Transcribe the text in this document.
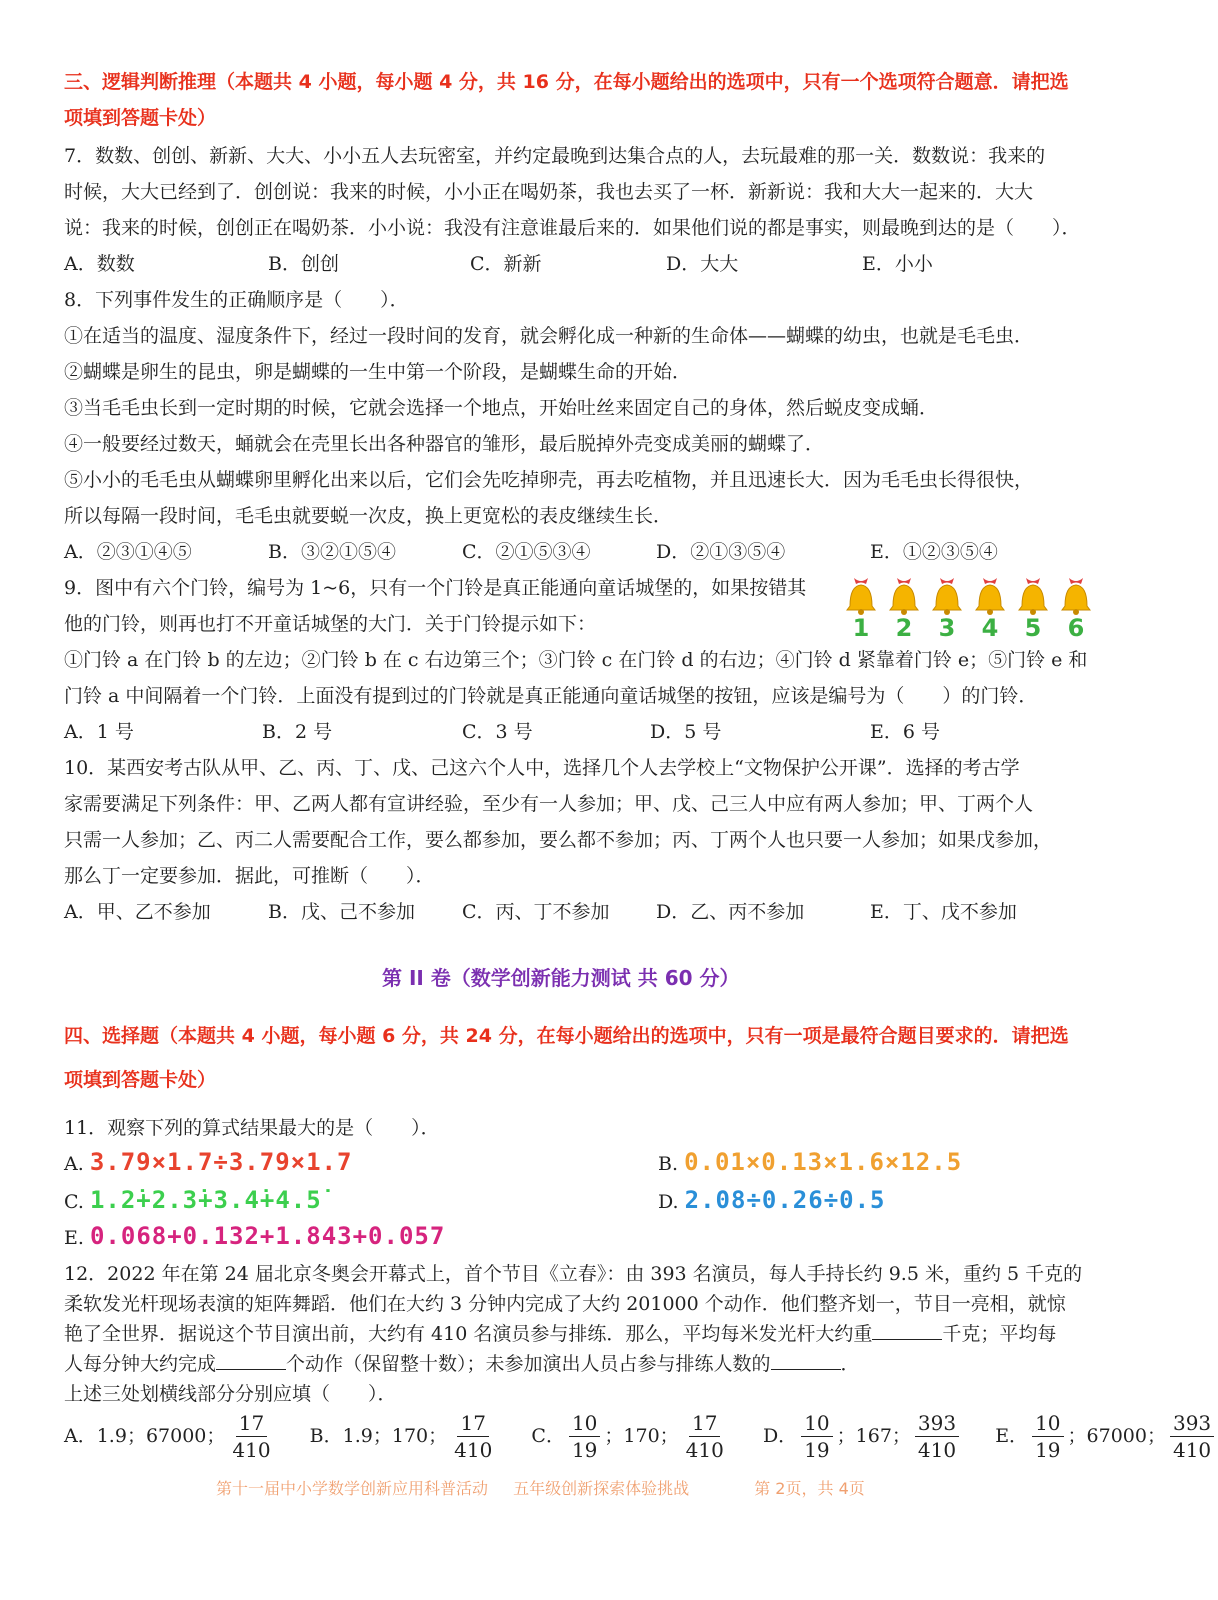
三、逻辑判断推理（本题共 4 小题，每小题 4 分，共 16 分，在每小题给出的选项中，只有一个选项符合题意．请把选
项填到答题卡处）
7．数数、创创、新新、大大、小小五人去玩密室，并约定最晚到达集合点的人，去玩最难的那一关．数数说：我来的
时候，大大已经到了．创创说：我来的时候，小小正在喝奶茶，我也去买了一杯．新新说：我和大大一起来的．大大
说：我来的时候，创创正在喝奶茶．小小说：我没有注意谁最后来的．如果他们说的都是事实，则最晚到达的是（　　）．
A．数数	B．创创	C．新新	D．大大	E．小小
8．下列事件发生的正确顺序是（　　）．
①在适当的温度、湿度条件下，经过一段时间的发育，就会孵化成一种新的生命体——蝴蝶的幼虫，也就是毛毛虫．
②蝴蝶是卵生的昆虫，卵是蝴蝶的一生中第一个阶段，是蝴蝶生命的开始．
③当毛毛虫长到一定时期的时候，它就会选择一个地点，开始吐丝来固定自己的身体，然后蜕皮变成蛹．
④一般要经过数天，蛹就会在壳里长出各种器官的雏形，最后脱掉外壳变成美丽的蝴蝶了．
⑤小小的毛毛虫从蝴蝶卵里孵化出来以后，它们会先吃掉卵壳，再去吃植物，并且迅速长大．因为毛毛虫长得很快，
所以每隔一段时间，毛毛虫就要蜕一次皮，换上更宽松的表皮继续生长．
A．②③①④⑤	B．③②①⑤④	C．②①⑤③④	D．②①③⑤④	E．①②③⑤④
9．图中有六个门铃，编号为 1~6，只有一个门铃是真正能通向童话城堡的，如果按错其
他的门铃，则再也打不开童话城堡的大门．关于门铃提示如下：
①门铃 a 在门铃 b 的左边；②门铃 b 在 c 右边第三个；③门铃 c 在门铃 d 的右边；④门铃 d 紧靠着门铃 e；⑤门铃 e 和
门铃 a 中间隔着一个门铃．上面没有提到过的门铃就是真正能通向童话城堡的按钮，应该是编号为（　　）的门铃．
A．1 号	B．2 号	C．3 号	D．5 号	E．6 号
1 2 3 4 5 6
10．某西安考古队从甲、乙、丙、丁、戊、己这六个人中，选择几个人去学校上“文物保护公开课”．选择的考古学
家需要满足下列条件：甲、乙两人都有宣讲经验，至少有一人参加；甲、戊、己三人中应有两人参加；甲、丁两个人
只需一人参加；乙、丙二人需要配合工作，要么都参加，要么都不参加；丙、丁两个人也只要一人参加；如果戊参加，
那么丁一定要参加．据此，可推断（　　）．
A．甲、乙不参加	B．戊、己不参加 C．丙、丁不参加 D．乙、丙不参加	E．丁、戊不参加
第 II 卷（数学创新能力测试 共 60 分）
四、选择题（本题共 4 小题，每小题 6 分，共 24 分，在每小题给出的选项中，只有一项是最符合题目要求的．请把选
项填到答题卡处）
11．观察下列的算式结果最大的是（　　）．
A. 3.79×1.7÷3.79×1.7	B. 0.01×0.13×1.6×12.5
C. 1.2̇+2.3̇+3.4̇+4.5̇	D. 2.08÷0.26÷0.5
E. 0.068+0.132+1.843+0.057
12．2022 年在第 24 届北京冬奥会开幕式上，首个节目《立春》：由 393 名演员，每人手持长约 9.5 米，重约 5 千克的
柔软发光杆现场表演的矩阵舞蹈．他们在大约 3 分钟内完成了大约 201000 个动作．他们整齐划一，节目一亮相，就惊
艳了全世界．据说这个节目演出前，大约有 410 名演员参与排练．那么，平均每米发光杆大约重	千克；平均每
人每分钟大约完成	个动作（保留整十数）；未参加演出人员占参与排练人数的	．
上述三处划横线部分分别应填（　　）．
A．1.9；67000； $\frac{17}{410}$ B．1.9；170； $\frac{17}{410}$ C． $\frac{10}{19}$ ；170； $\frac{17}{410}$ D． $\frac{10}{19}$ ；167； $\frac{393}{410}$ E． $\frac{10}{19}$ ；67000； $\frac{393}{410}$
第十一届中小学数学创新应用科普活动 五年级创新探索体验挑战	第 2页，共 4页
